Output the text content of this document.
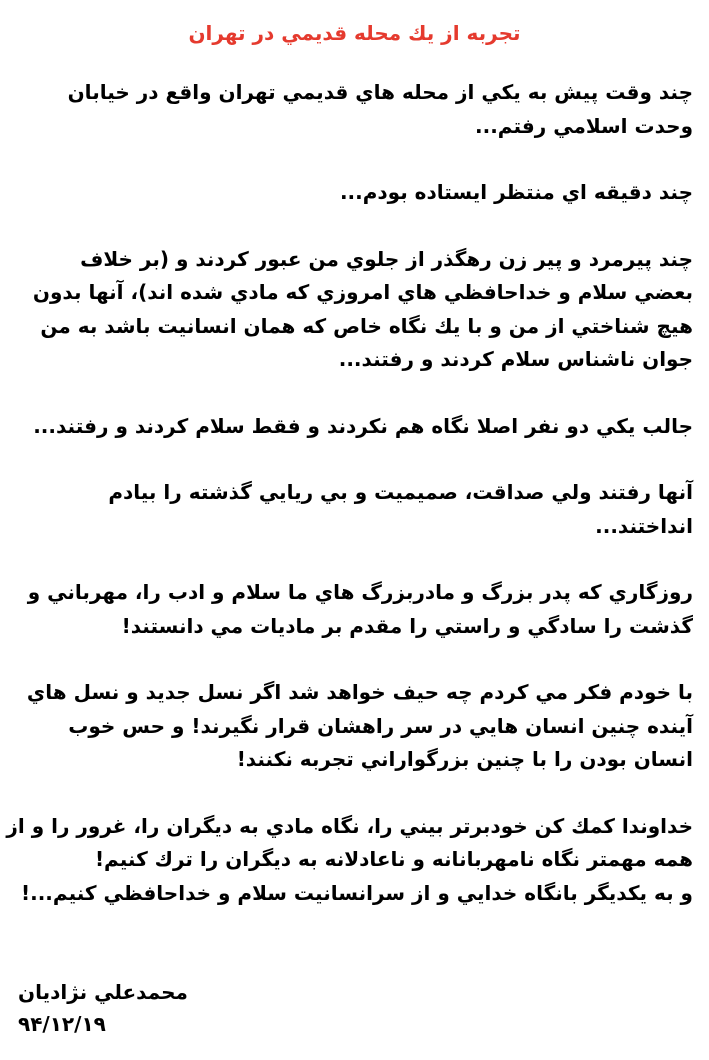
تجربه از يك محله قديمي در تهران
چند وقت پيش به يكي از محله هاي قديمي تهران واقع در خيابان
وحدت اسلامي رفتم...
چند دقيقه اي منتظر ايستاده بودم...
چند پيرمرد و پير زن رهگذر از جلوي من عبور كردند و (بر خلاف
بعضي سلام و خداحافظي هاي امروزي كه مادي شده اند)، آنها بدون
هيچ شناختي از من و با يك نگاه خاص كه همان انسانيت باشد به من
جوان ناشناس سلام كردند و رفتند...
جالب يكي دو نفر اصلا نگاه هم نكردند و فقط سلام كردند و رفتند...
آنها رفتند ولي صداقت، صميميت و بي ريايي گذشته را بيادم
انداختند...
روزگاري كه پدر بزرگ و مادربزرگ هاي ما سلام و ادب را، مهرباني و
گذشت را سادگي و راستي را مقدم بر ماديات مي دانستند!
با خودم فكر مي كردم چه حيف خواهد شد اگر نسل جديد و نسل هاي
آينده چنين انسان هايي در سر راهشان قرار نگيرند! و حس خوب
انسان بودن را با چنين بزرگواراني تجربه نكنند!
خداوندا كمك كن خودبرتر بيني را، نگاه مادي به ديگران را، غرور را و از
همه مهمتر نگاه نامهربانانه و ناعادلانه به ديگران را ترك كنيم!
و به يكديگر بانگاه خدايي و از سرانسانيت سلام و خداحافظي كنيم...!
محمدعلي نژاديان
۹۴/۱۲/۱۹
